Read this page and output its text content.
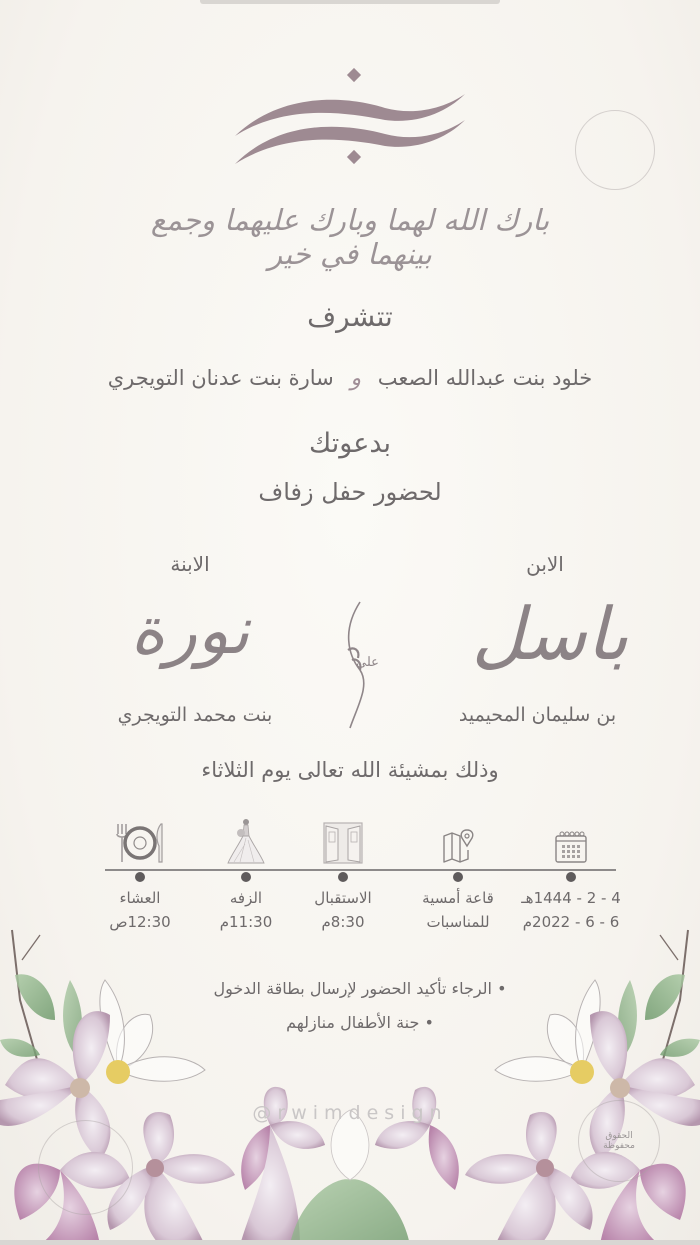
بارك الله لهما وبارك عليهما وجمع بينهما في خير
تتشرف
خلود بنت عبدالله الصعب و سارة بنت عدنان التويجري
بدعوتك
لحضور حفل زفاف
الابن
الابنة
باسل
نورة	على
بن سليمان المحيميد
بنت محمد التويجري
وذلك بمشيئة الله تعالى يوم الثلاثاء
4 - 2 - 1444هـ
6 - 6 - 2022م
قاعة أمسية
للمناسبات
الاستقبال
8:30م
الزفه
11:30م
العشاء
12:30ص
• الرجاء تأكيد الحضور لإرسال بطاقة الدخول
• جنة الأطفال منازلهم
الحقوق محفوظة
@rwimdesign
